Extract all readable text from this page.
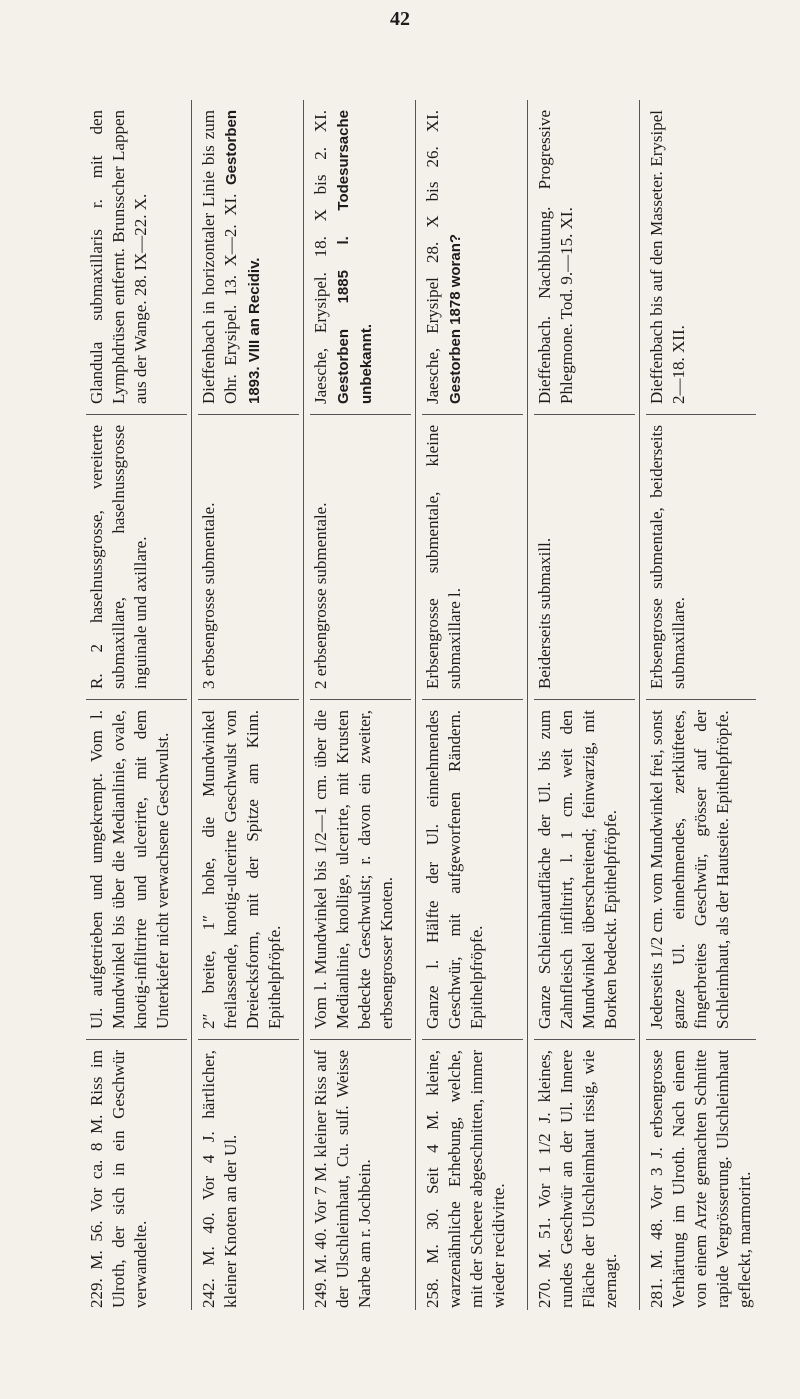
42
229. M. 56. Vor ca. 8 M. Riss im Ulroth, der sich in ein Geschwür verwandelte.
Ul. aufgetrieben und umgekrempt. Vom l. Mundwinkel bis über die Medianlinie, ovale, knotig-infiltrirte und ulcerirte, mit dem Unterkiefer nicht verwachsene Geschwulst.
R. 2 haselnussgrosse, vereiterte submaxillare, haselnussgrosse inguinale und axillare.
Glandula submaxillaris r. mit den Lymphdrüsen entfernt. Brunsscher Lappen aus der Wange. 28. IX—22. X.
242. M. 40. Vor 4 J. härtlicher, kleiner Knoten an der Ul.
2″ breite, 1″ hohe, die Mundwinkel freilassende, knotig-ulcerirte Geschwulst von Dreiecksform, mit der Spitze am Kinn. Epithelpfröpfe.
3 erbsengrosse submentale.
Dieffenbach in horizontaler Linie bis zum Ohr. Erysipel. 13. X—2. XI. Gestorben 1893. VIII an Recidiv.
249. M. 40. Vor 7 M. kleiner Riss auf der Ulschleimhaut, Cu. sulf. Weisse Narbe am r. Jochbein.
Vom l. Mundwinkel bis 1/2—1 cm. über die Medianlinie, knollige, ulcerirte, mit Krusten bedeckte Geschwulst; r. davon ein zweiter, erbsengrosser Knoten.
2 erbsengrosse submentale.
Jaesche, Erysipel. 18. X bis 2. XI. Gestorben 1885 l. Todesursache unbekannt.
258. M. 30. Seit 4 M. kleine, warzenähnliche Erhebung, welche, mit der Scheere abgeschnitten, immer wieder recidivirte.
Ganze l. Hälfte der Ul. einnehmendes Geschwür, mit aufgeworfenen Rändern. Epithelpfröpfe.
Erbsengrosse submentale, kleine submaxillare l.
Jaesche, Erysipel 28. X bis 26. XI. Gestorben 1878 woran?
270. M. 51. Vor 1 1/2 J. kleines, rundes Geschwür an der Ul. Innere Fläche der Ulschleimhaut rissig, wie zernagt.
Ganze Schleimhautfläche der Ul. bis zum Zahnfleisch infiltrirt, l. 1 cm. weit den Mundwinkel überschreitend; feinwarzig, mit Borken bedeckt. Epithelpfröpfe.
Beiderseits submaxill.
Dieffenbach. Nachblutung. Progressive Phlegmone. Tod. 9.—15. XI.
281. M. 48. Vor 3 J. erbsengrosse Verhärtung im Ulroth. Nach einem von einem Arzte gemachten Schnitte rapide Vergrösserung. Ulschleimhaut gefleckt, marmorirt.
Jederseits 1/2 cm. vom Mundwinkel frei, sonst ganze Ul. einnehmendes, zerklüftetes, fingerbreites Geschwür, grösser auf der Schleimhaut, als der Hautseite. Epithelpfröpfe.
Erbsengrosse submentale, beiderseits submaxillare.
Dieffenbach bis auf den Masseter. Erysipel 2—18. XII.
